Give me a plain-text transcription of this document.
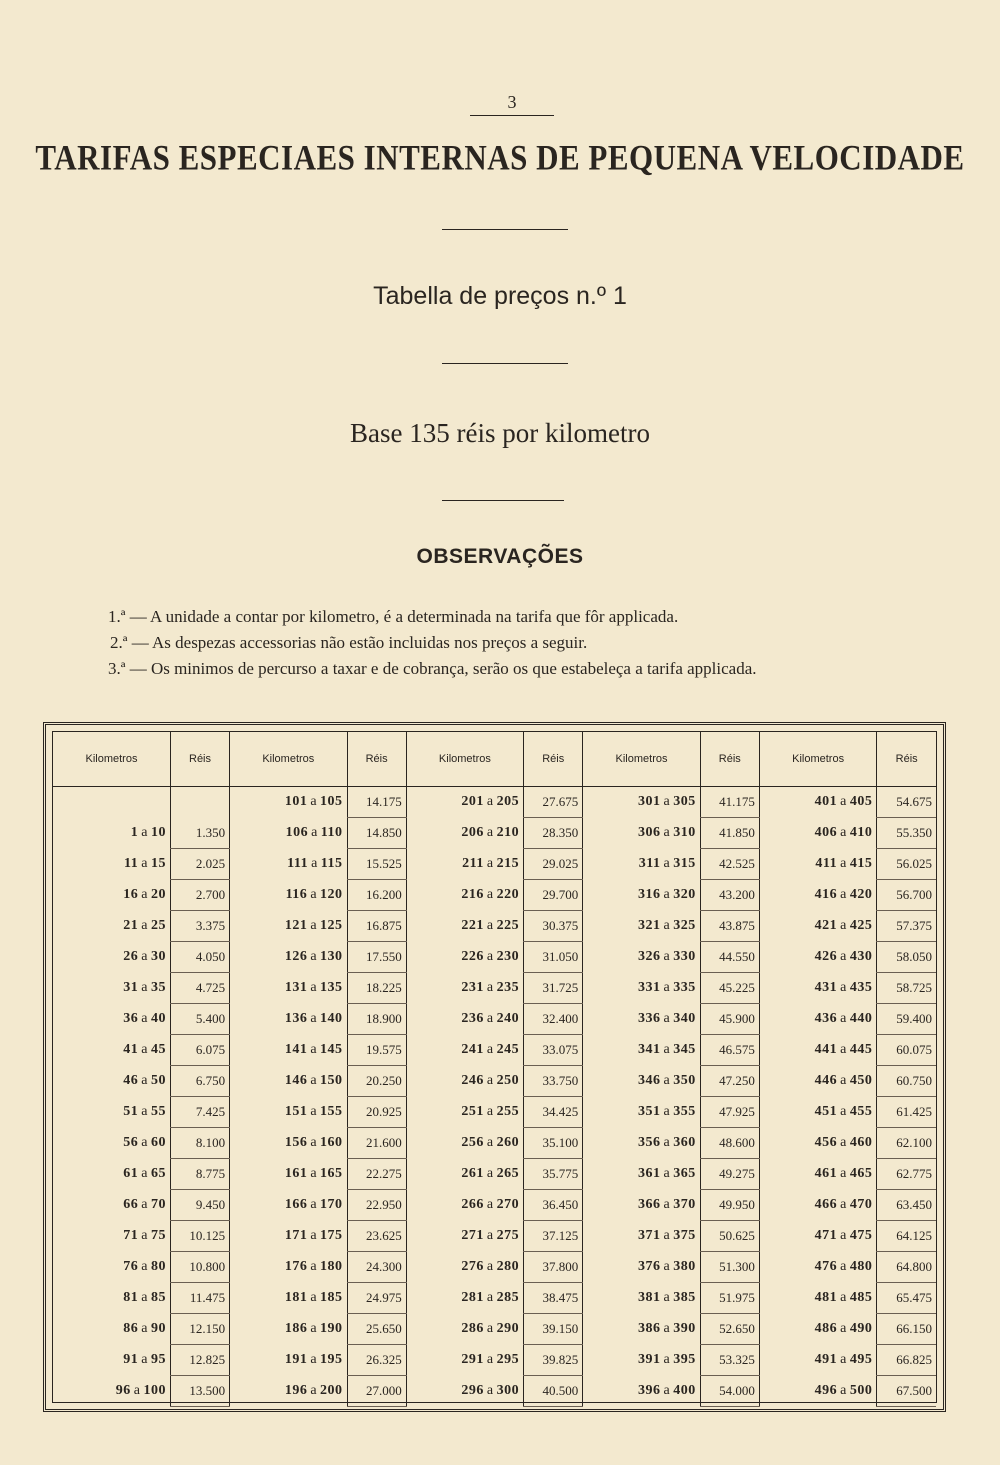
3
TARIFAS ESPECIAES INTERNAS DE PEQUENA VELOCIDADE
Tabella de preços n.º 1
Base 135 réis por kilometro
OBSERVAÇÕES
1.ª — A unidade a contar por kilometro, é a determinada na tarifa que fôr applicada.
2.ª — As despezas accessorias não estão incluidas nos preços a seguir.
3.ª — Os minimos de percurso a taxar e de cobrança, serão os que estabeleça a tarifa applicada.
Kilometros	Réis	Kilometros	Réis	Kilometros	Réis	Kilometros	Réis	Kilometros	Réis
		101 a 105	14.175	201 a 205	27.675	301 a 305	41.175	401 a 405	54.675
1 a 10	1.350	106 a 110	14.850	206 a 210	28.350	306 a 310	41.850	406 a 410	55.350
11 a 15	2.025	111 a 115	15.525	211 a 215	29.025	311 a 315	42.525	411 a 415	56.025
16 a 20	2.700	116 a 120	16.200	216 a 220	29.700	316 a 320	43.200	416 a 420	56.700
21 a 25	3.375	121 a 125	16.875	221 a 225	30.375	321 a 325	43.875	421 a 425	57.375
26 a 30	4.050	126 a 130	17.550	226 a 230	31.050	326 a 330	44.550	426 a 430	58.050
31 a 35	4.725	131 a 135	18.225	231 a 235	31.725	331 a 335	45.225	431 a 435	58.725
36 a 40	5.400	136 a 140	18.900	236 a 240	32.400	336 a 340	45.900	436 a 440	59.400
41 a 45	6.075	141 a 145	19.575	241 a 245	33.075	341 a 345	46.575	441 a 445	60.075
46 a 50	6.750	146 a 150	20.250	246 a 250	33.750	346 a 350	47.250	446 a 450	60.750
51 a 55	7.425	151 a 155	20.925	251 a 255	34.425	351 a 355	47.925	451 a 455	61.425
56 a 60	8.100	156 a 160	21.600	256 a 260	35.100	356 a 360	48.600	456 a 460	62.100
61 a 65	8.775	161 a 165	22.275	261 a 265	35.775	361 a 365	49.275	461 a 465	62.775
66 a 70	9.450	166 a 170	22.950	266 a 270	36.450	366 a 370	49.950	466 a 470	63.450
71 a 75	10.125	171 a 175	23.625	271 a 275	37.125	371 a 375	50.625	471 a 475	64.125
76 a 80	10.800	176 a 180	24.300	276 a 280	37.800	376 a 380	51.300	476 a 480	64.800
81 a 85	11.475	181 a 185	24.975	281 a 285	38.475	381 a 385	51.975	481 a 485	65.475
86 a 90	12.150	186 a 190	25.650	286 a 290	39.150	386 a 390	52.650	486 a 490	66.150
91 a 95	12.825	191 a 195	26.325	291 a 295	39.825	391 a 395	53.325	491 a 495	66.825
96 a 100	13.500	196 a 200	27.000	296 a 300	40.500	396 a 400	54.000	496 a 500	67.500
